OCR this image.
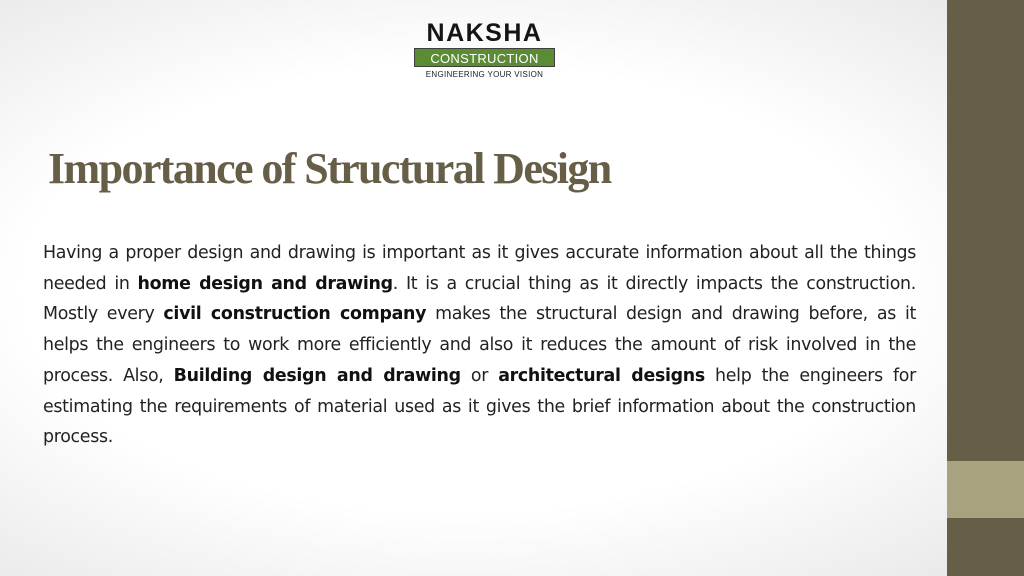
NAKSHA
CONSTRUCTION
ENGINEERING YOUR VISION
Importance of Structural Design

Having a proper design and drawing is important as it gives accurate information about all the things needed in home design and drawing. It is a crucial thing as it directly impacts the construction. Mostly every civil construction company makes the structural design and drawing before, as it helps the engineers to work more efficiently and also it reduces the amount of risk involved in the process. Also, Building design and drawing or architectural designs help the engineers for estimating the requirements of material used as it gives the brief information about the construction process.
